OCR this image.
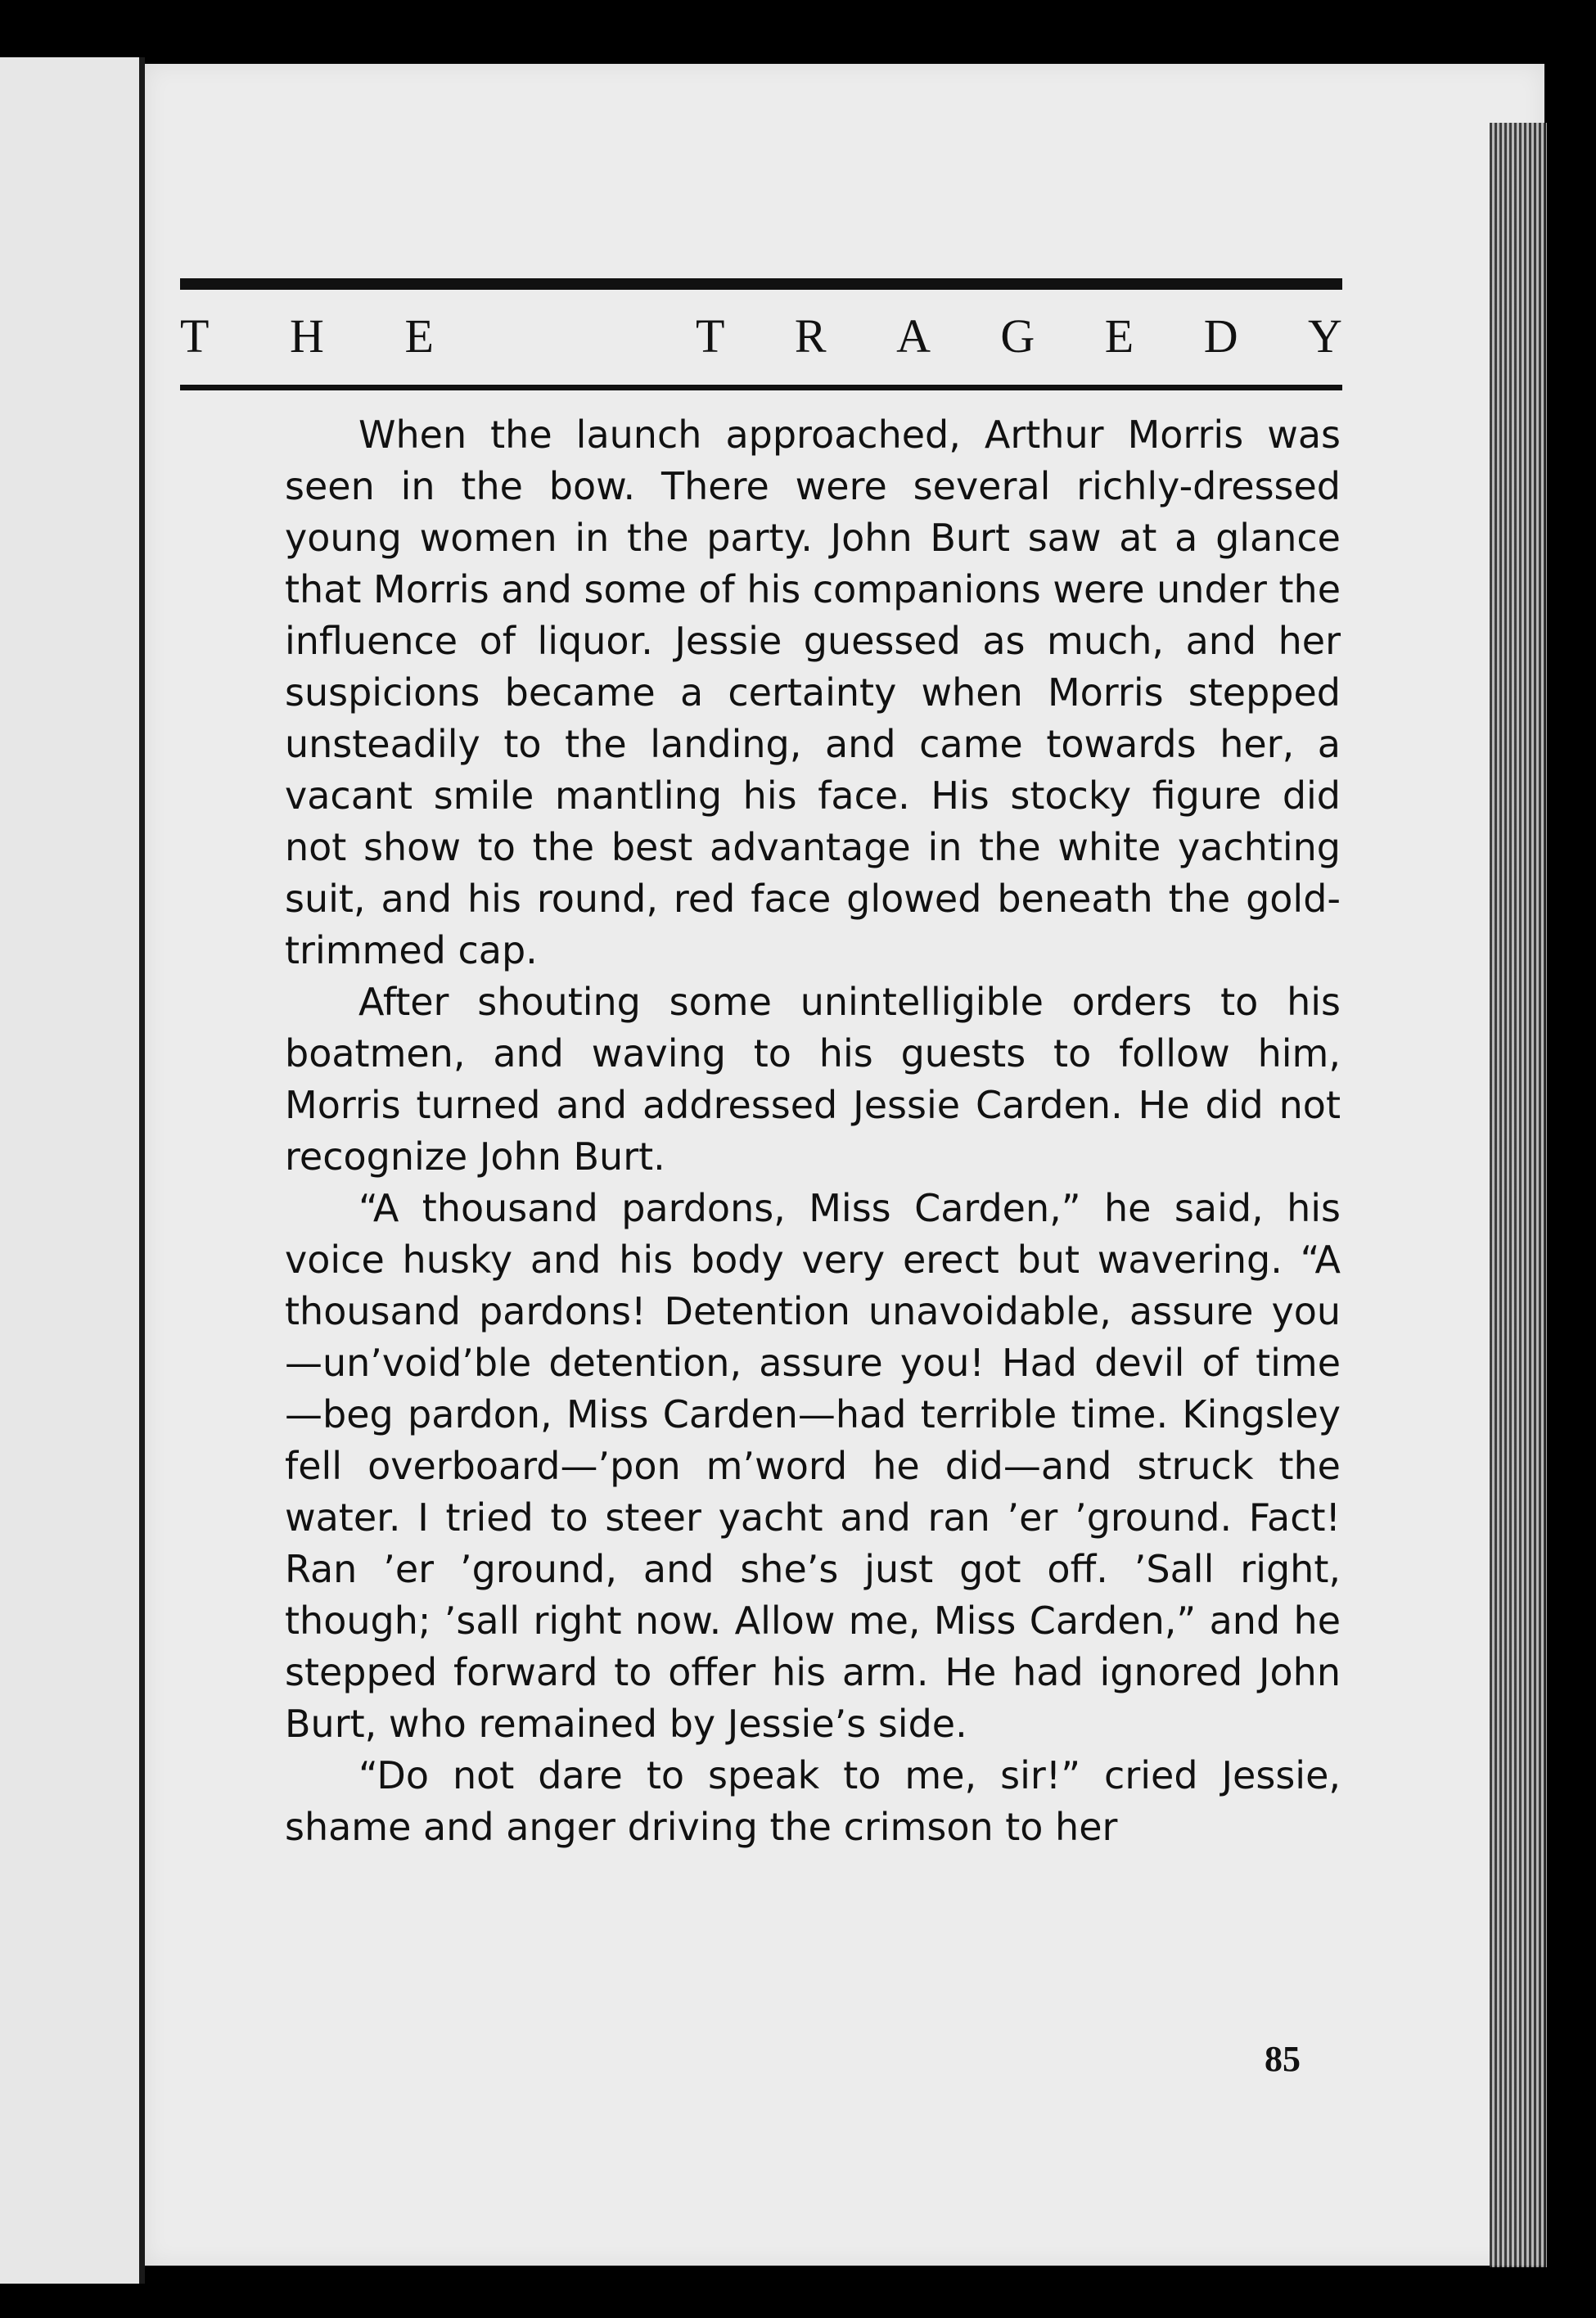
T H E	T R A G E D Y

When the launch approached, Arthur Morris was seen in the bow. There were several richly-dressed young women in the party. John Burt saw at a glance that Morris and some of his companions were under the influence of liquor. Jessie guessed as much, and her suspicions became a certainty when Morris stepped unsteadily to the landing, and came towards her, a vacant smile mantling his face. His stocky figure did not show to the best advantage in the white yachting suit, and his round, red face glowed beneath the gold-trimmed cap.

After shouting some unintelligible orders to his boatmen, and waving to his guests to follow him, Morris turned and addressed Jessie Carden. He did not recognize John Burt.

“A thousand pardons, Miss Carden,” he said, his voice husky and his body very erect but wavering. “A thousand pardons! Detention unavoidable, assure you—un’void’ble detention, assure you! Had devil of time—beg pardon, Miss Carden—had terrible time. Kingsley fell overboard—’pon m’word he did—and struck the water. I tried to steer yacht and ran ’er ’ground. Fact! Ran ’er ’ground, and she’s just got off. ’Sall right, though; ’sall right now. Allow me, Miss Carden,” and he stepped forward to offer his arm. He had ignored John Burt, who remained by Jessie’s side.

“Do not dare to speak to me, sir!” cried Jessie, shame and anger driving the crimson to her

85
